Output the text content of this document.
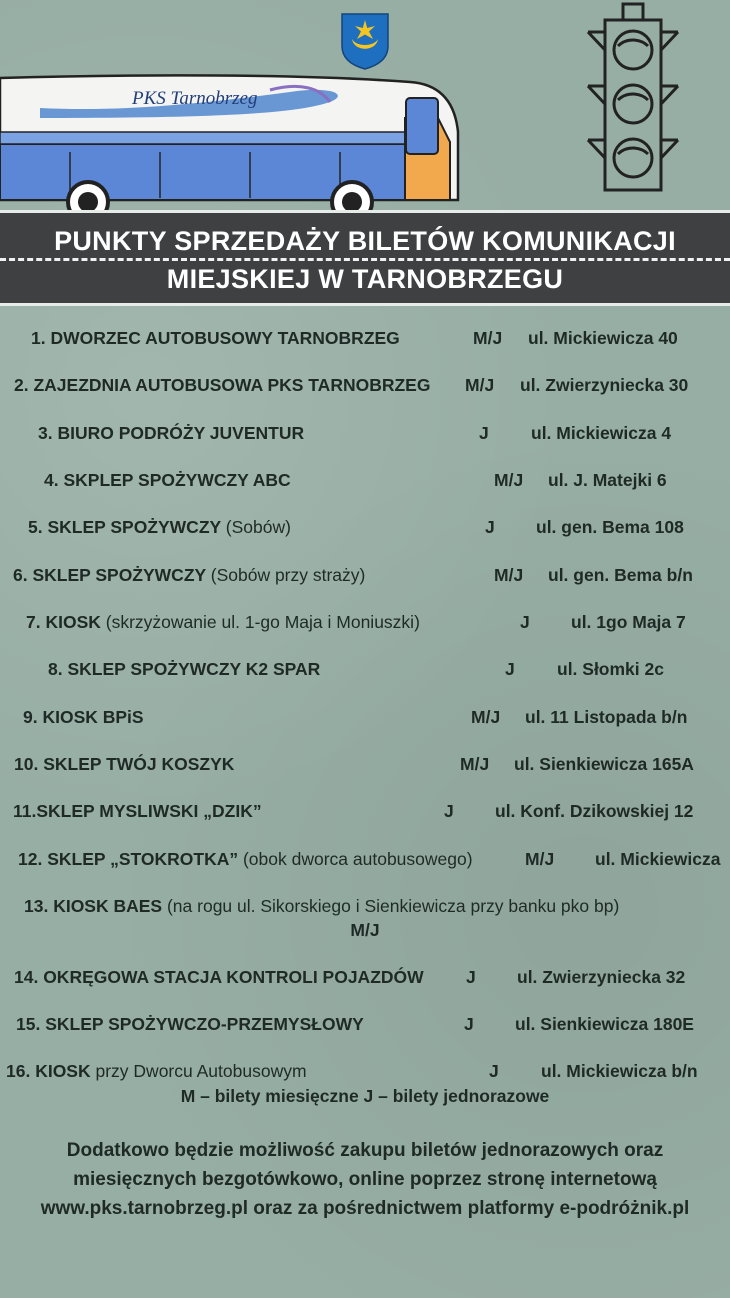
PKS Tarnobrzeg
PUNKTY SPRZEDAŻY BILETÓW KOMUNIKACJI
MIEJSKIEJ W TARNOBRZEGU
1. DWORZEC AUTOBUSOWY TARNOBRZEG	M/J ul. Mickiewicza 40
2. ZAJEZDNIA AUTOBUSOWA PKS TARNOBRZEG M/J ul. Zwierzyniecka 30
3. BIURO PODRÓŻY JUVENTUR	J ul. Mickiewicza 4
4. SKPLEP SPOŻYWCZY ABC	M/J ul. J. Matejki 6
5. SKLEP SPOŻYWCZY (Sobów)	J ul. gen. Bema 108
6. SKLEP SPOŻYWCZY (Sobów przy straży)	M/J ul. gen. Bema b/n
7. KIOSK (skrzyżowanie ul. 1-go Maja i Moniuszki)	J ul. 1go Maja 7
8. SKLEP SPOŻYWCZY K2 SPAR	J ul. Słomki 2c
9. KIOSK BPiS	M/J ul. 11 Listopada b/n
10. SKLEP TWÓJ KOSZYK	M/J ul. Sienkiewicza 165A
11.SKLEP MYSLIWSKI „DZIK”	J ul. Konf. Dzikowskiej 12
12. SKLEP „STOKROTKA” (obok dworca autobusowego)	M/J ul. Mickiewicza
13. KIOSK BAES (na rogu ul. Sikorskiego i Sienkiewicza przy banku pko bp)
M/J
14. OKRĘGOWA STACJA KONTROLI POJAZDÓW J ul. Zwierzyniecka 32
15. SKLEP SPOŻYWCZO-PRZEMYSŁOWY	J ul. Sienkiewicza 180E
16. KIOSK przy Dworcu Autobusowym	J ul. Mickiewicza b/n
M – bilety miesięczne J – bilety jednorazowe
Dodatkowo będzie możliwość zakupu biletów jednorazowych oraz miesięcznych bezgotówkowo, online poprzez stronę internetową www.pks.tarnobrzeg.pl oraz za pośrednictwem platformy e-podróżnik.pl
